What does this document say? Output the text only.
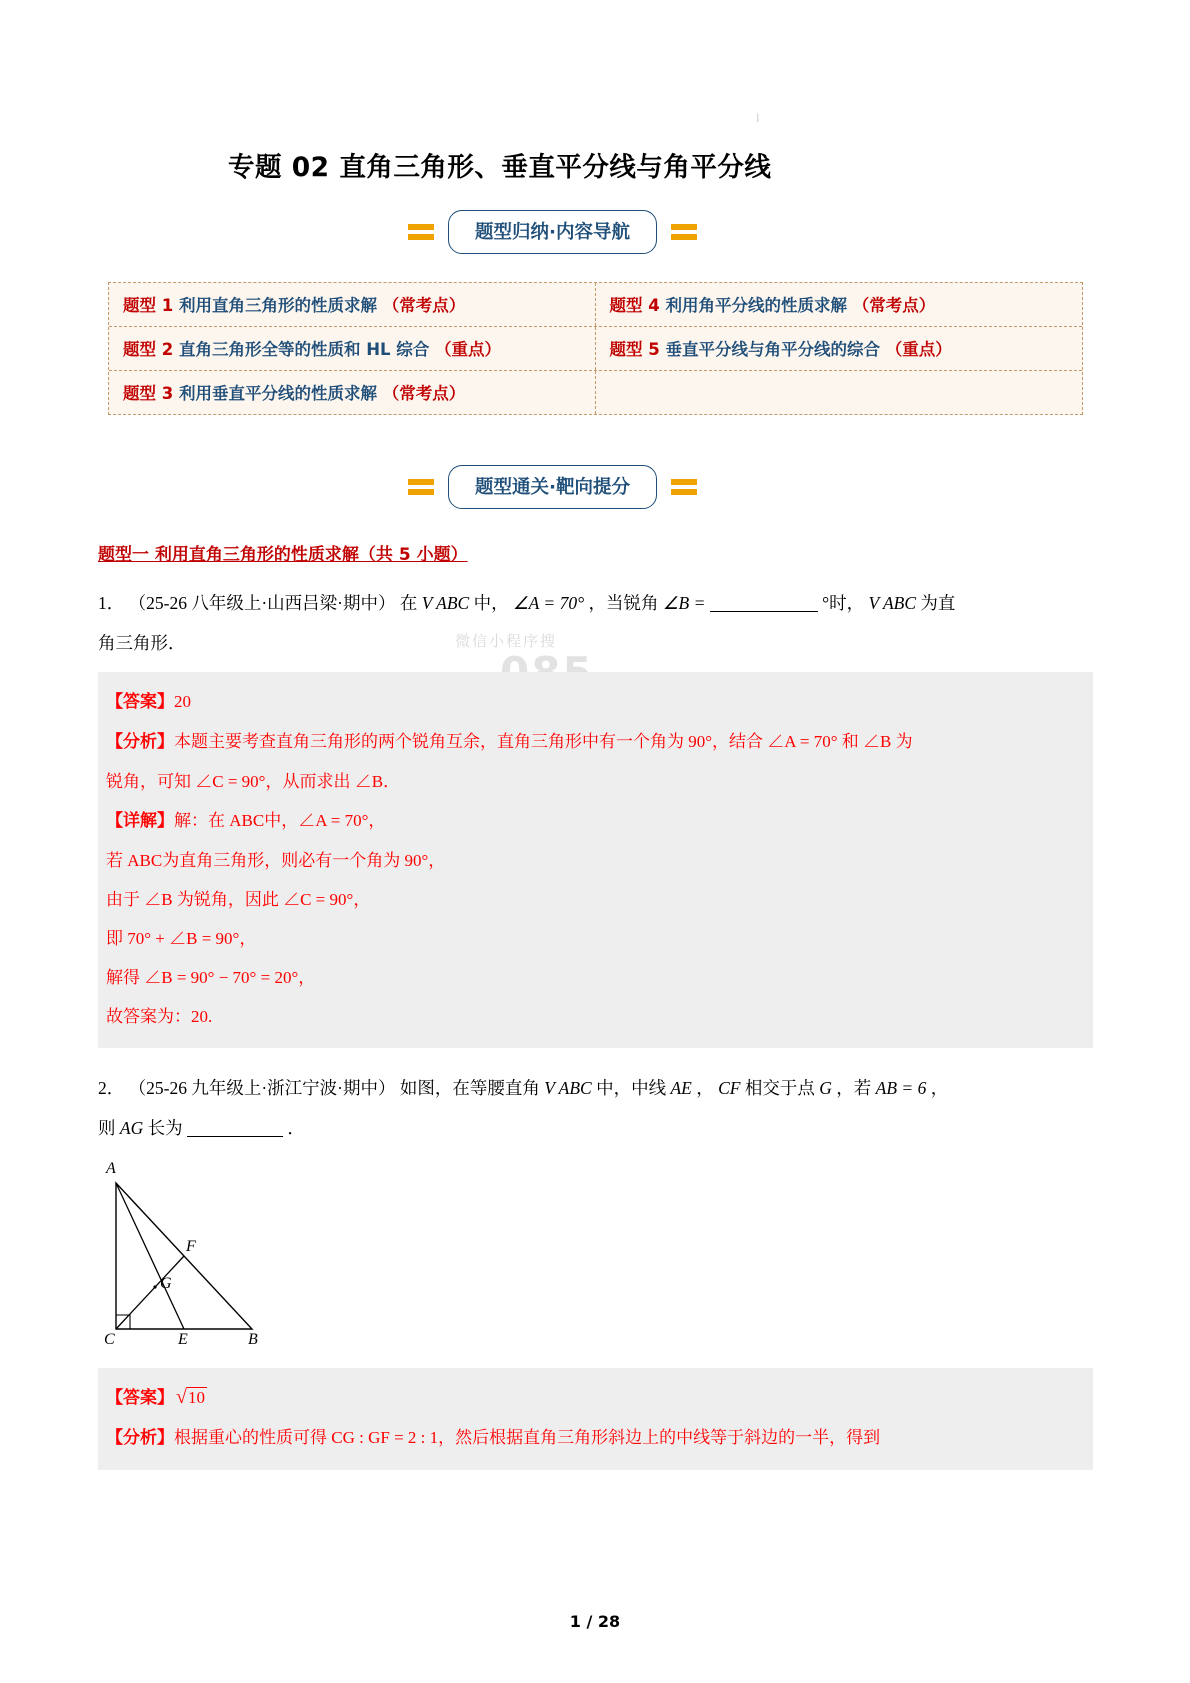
|
专题 02 直角三角形、垂直平分线与角平分线
题型归纳·内容导航
题型 1 利用直角三角形的性质求解 （常考点）	题型 4 利用角平分线的性质求解 （常考点）
题型 2 直角三角形全等的性质和 HL 综合 （重点）	题型 5 垂直平分线与角平分线的综合 （重点）
题型 3 利用垂直平分线的性质求解 （常考点）
题型通关·靶向提分
题型一 利用直角三角形的性质求解（共 5 小题）
1． （25-26 八年级上·山西吕梁·期中） 在 V ABC 中， ∠A = 70° ，当锐角 ∠B =	°时， V ABC 为直
角三角形．	微信小程序搜
【答案】20
【分析】本题主要考查直角三角形的两个锐角互余，直角三角形中有一个角为 90°，结合 ∠A = 70° 和 ∠B 为
锐角，可知 ∠C = 90°，从而求出 ∠B．
【详解】解：在 ABC中，∠A = 70°，
若 ABC为直角三角形，则必有一个角为 90°，
由于 ∠B 为锐角，因此 ∠C = 90°，
即 70° + ∠B = 90°，
解得 ∠B = 90° − 70° = 20°，
故答案为：20.
2． （25-26 九年级上·浙江宁波·期中） 如图，在等腰直角 V ABC 中，中线 AE ， CF 相交于点 G ，若 AB = 6 ，
则 AG 长为	．
A
B
C	E
F
G
【答案】 √10
【分析】根据重心的性质可得 CG : GF = 2 : 1，然后根据直角三角形斜边上的中线等于斜边的一半，得到
1 / 28
